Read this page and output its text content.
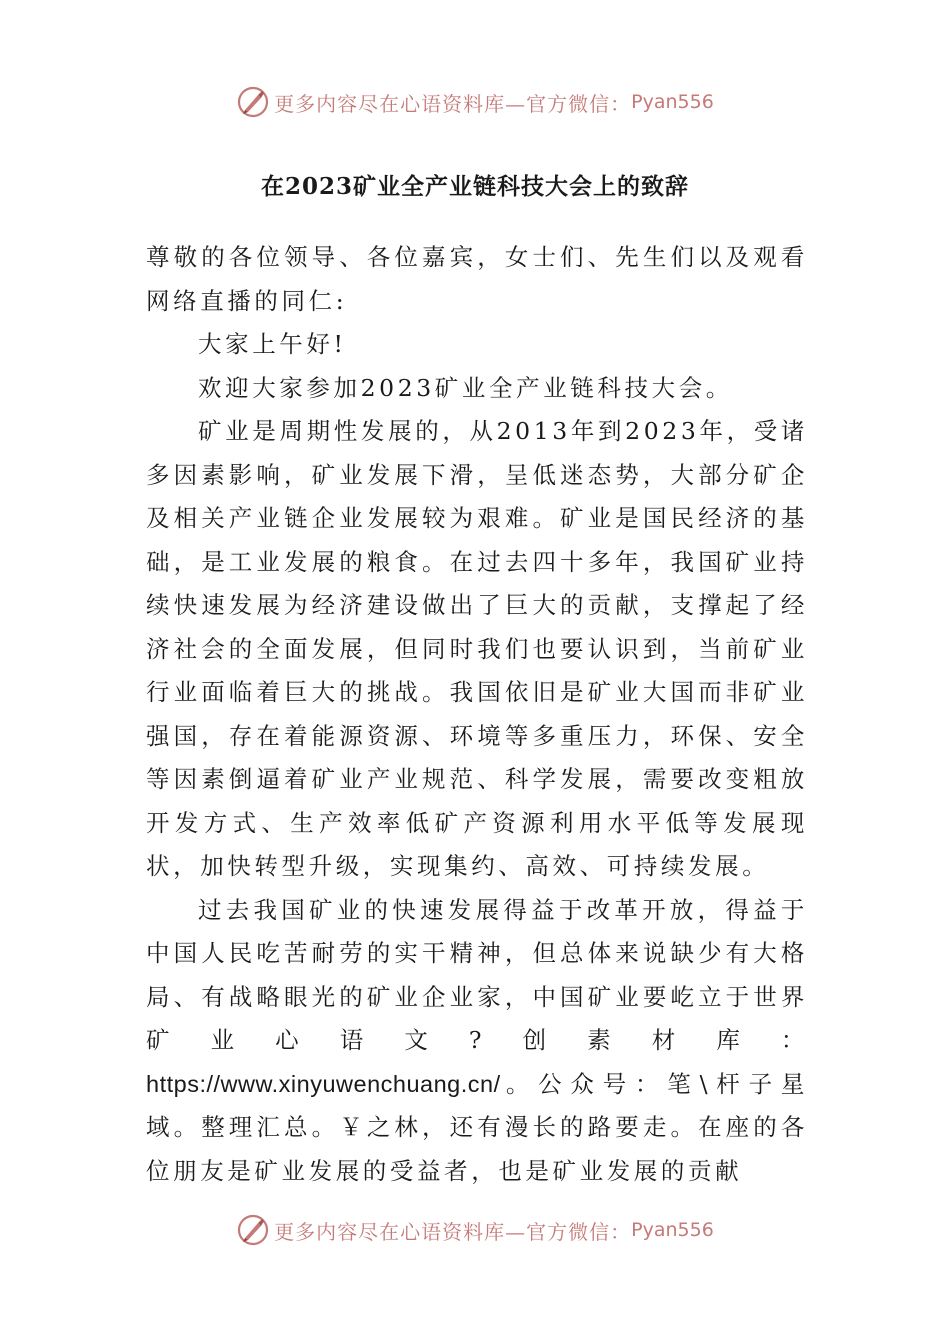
更多内容尽在心语资料库—官方微信： Pyan556
在2023矿业全产业链科技大会上的致辞

尊敬的各位领导、各位嘉宾，女士们、先生们以及观看网络直播的同仁:

大家上午好!

欢迎大家参加2023矿业全产业链科技大会。

矿业是周期性发展的，从2013年到2023年，受诸多因素影响，矿业发展下滑，呈低迷态势，大部分矿企及相关产业链企业发展较为艰难。矿业是国民经济的基础，是工业发展的粮食。在过去四十多年，我国矿业持续快速发展为经济建设做出了巨大的贡献，支撑起了经济社会的全面发展，但同时我们也要认识到，当前矿业行业面临着巨大的挑战。我国依旧是矿业大国而非矿业强国，存在着能源资源、环境等多重压力，环保、安全等因素倒逼着矿业产业规范、科学发展，需要改变粗放开发方式、生产效率低矿产资源利用水平低等发展现状，加快转型升级，实现集约、高效、可持续发展。

过去我国矿业的快速发展得益于改革开放，得益于中国人民吃苦耐劳的实干精神，但总体来说缺少有大格局、有战略眼光的矿业企业家，中国矿业要屹立于世界矿业心语文?创素材库：https://www.xinyuwenchuang.cn/。公众号：笔\杆子星域。整理汇总。￥之林，还有漫长的路要走。在座的各位朋友是矿业发展的受益者，也是矿业发展的贡献

更多内容尽在心语资料库—官方微信： Pyan556
